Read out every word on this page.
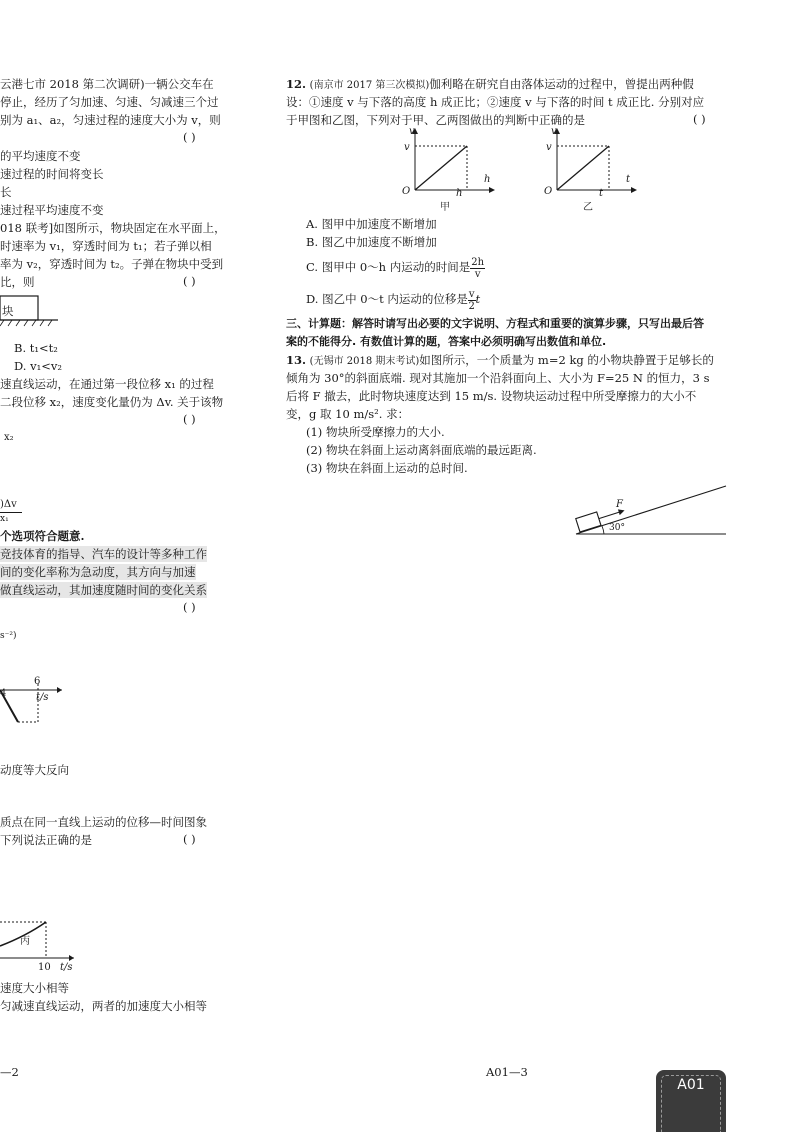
云港七市 2018 第二次调研)一辆公交车在
停止，经历了匀加速、匀速、匀减速三个过
别为 a₁、a₂，匀速过程的速度大小为 v，则
( )
的平均速度不变
速过程的时间将变长
长
速过程平均速度不变
018 联考]如图所示，物块固定在水平面上，
时速率为 v₁，穿透时间为 t₁；若子弹以相
率为 v₂，穿透时间为 t₂。子弹在物块中受到
比，则	( )
块
B. t₁<t₂
D. v₁<v₂
速直线运动，在通过第一段位移 x₁ 的过程
二段位移 x₂，速度变化量仍为 Δv. 关于该物
( )
x₂
)Δv
x₁
个选项符合题意.
竞技体育的指导、汽车的设计等多种工作
间的变化率称为急动度，其方向与加速
做直线运动，其加速度随时间的变化关系
( )
s⁻²)
4
6
t/s
动度等大反向
质点在同一直线上运动的位移—时间图象
下列说法正确的是	( )
丙
10 t/s
速度大小相等
匀减速直线运动，两者的加速度大小相等
—2
12. (南京市 2017 第三次模拟)伽利略在研究自由落体运动的过程中，曾提出两种假
设：①速度 v 与下落的高度 h 成正比；②速度 v 与下落的时间 t 成正比. 分别对应
于甲图和乙图，下列对于甲、乙两图做出的判断中正确的是	( )
v
v
O	h
h
甲
v
v
O	t
t
乙
A. 图甲中加速度不断增加
B. 图乙中加速度不断增加
C. 图甲中 0～h 内运动的时间是 $\frac{2h}{v}$
D. 图乙中 0～t 内运动的位移是 $\frac{v}{2}$ t
三、计算题：解答时请写出必要的文字说明、方程式和重要的演算步骤，只写出最后答
案的不能得分. 有数值计算的题，答案中必须明确写出数值和单位.
13. (无锡市 2018 期末考试)如图所示，一个质量为 m=2 kg 的小物块静置于足够长的
倾角为 30°的斜面底端. 现对其施加一个沿斜面向上、大小为 F=25 N 的恒力，3 s
后将 F 撤去，此时物块速度达到 15 m/s. 设物块运动过程中所受摩擦力的大小不
变，g 取 10 m/s². 求：
(1) 物块所受摩擦力的大小.
(2) 物块在斜面上运动离斜面底端的最远距离.
(3) 物块在斜面上运动的总时间.
F
30°
A01—3
A01
